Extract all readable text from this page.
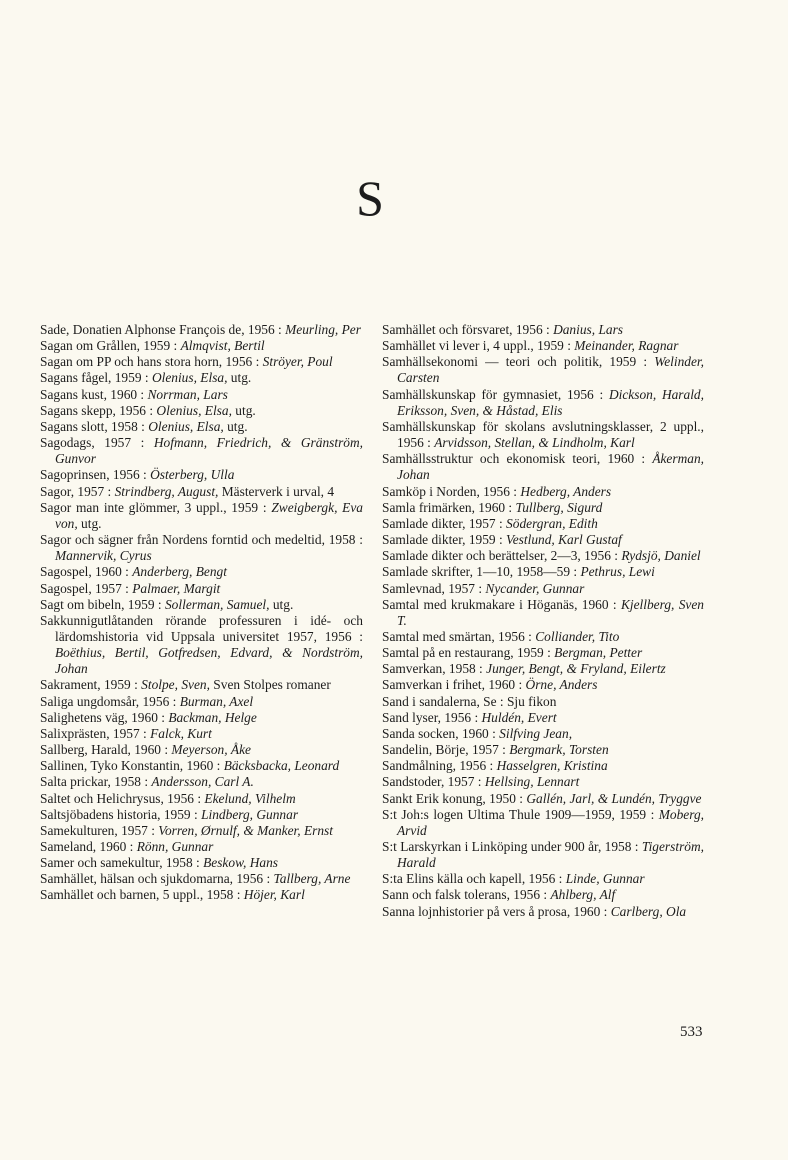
S

Sade, Donatien Alphonse François de, 1956 : Meurling, Per

Sagan om Grållen, 1959 : Almqvist, Bertil

Sagan om PP och hans stora horn, 1956 : Ströyer, Poul

Sagans fågel, 1959 : Olenius, Elsa, utg.

Sagans kust, 1960 : Norrman, Lars

Sagans skepp, 1956 : Olenius, Elsa, utg.

Sagans slott, 1958 : Olenius, Elsa, utg.

Sagodags, 1957 : Hofmann, Friedrich, & Gränström, Gunvor

Sagoprinsen, 1956 : Österberg, Ulla

Sagor, 1957 : Strindberg, August, Mästerverk i urval, 4

Sagor man inte glömmer, 3 uppl., 1959 : Zweigbergk, Eva von, utg.

Sagor och sägner från Nordens forntid och medeltid, 1958 : Mannervik, Cyrus

Sagospel, 1960 : Anderberg, Bengt

Sagospel, 1957 : Palmaer, Margit

Sagt om bibeln, 1959 : Sollerman, Samuel, utg.

Sakkunnigutlåtanden rörande professuren i idé- och lärdomshistoria vid Uppsala universitet 1957, 1956 : Boëthius, Bertil, Gotfredsen, Edvard, & Nordström, Johan

Sakrament, 1959 : Stolpe, Sven, Sven Stolpes romaner

Saliga ungdomsår, 1956 : Burman, Axel

Salighetens väg, 1960 : Backman, Helge

Salixprästen, 1957 : Falck, Kurt

Sallberg, Harald, 1960 : Meyerson, Åke

Sallinen, Tyko Konstantin, 1960 : Bäcksbacka, Leonard

Salta prickar, 1958 : Andersson, Carl A.

Saltet och Helichrysus, 1956 : Ekelund, Vilhelm

Saltsjöbadens historia, 1959 : Lindberg, Gunnar

Samekulturen, 1957 : Vorren, Ørnulf, & Manker, Ernst

Sameland, 1960 : Rönn, Gunnar

Samer och samekultur, 1958 : Beskow, Hans

Samhället, hälsan och sjukdomarna, 1956 : Tallberg, Arne

Samhället och barnen, 5 uppl., 1958 : Höjer, Karl

Samhället och försvaret, 1956 : Danius, Lars

Samhället vi lever i, 4 uppl., 1959 : Meinander, Ragnar

Samhällsekonomi — teori och politik, 1959 : Welinder, Carsten

Samhällskunskap för gymnasiet, 1956 : Dickson, Harald, Eriksson, Sven, & Håstad, Elis

Samhällskunskap för skolans avslutningsklasser, 2 uppl., 1956 : Arvidsson, Stellan, & Lindholm, Karl

Samhällsstruktur och ekonomisk teori, 1960 : Åkerman, Johan

Samköp i Norden, 1956 : Hedberg, Anders

Samla frimärken, 1960 : Tullberg, Sigurd

Samlade dikter, 1957 : Södergran, Edith

Samlade dikter, 1959 : Vestlund, Karl Gustaf

Samlade dikter och berättelser, 2—3, 1956 : Rydsjö, Daniel

Samlade skrifter, 1—10, 1958—59 : Pethrus, Lewi

Samlevnad, 1957 : Nycander, Gunnar

Samtal med krukmakare i Höganäs, 1960 : Kjellberg, Sven T.

Samtal med smärtan, 1956 : Colliander, Tito

Samtal på en restaurang, 1959 : Bergman, Petter

Samverkan, 1958 : Junger, Bengt, & Fryland, Eilertz

Samverkan i frihet, 1960 : Örne, Anders

Sand i sandalerna, Se : Sju fikon

Sand lyser, 1956 : Huldén, Evert

Sanda socken, 1960 : Silfving Jean,

Sandelin, Börje, 1957 : Bergmark, Torsten

Sandmålning, 1956 : Hasselgren, Kristina

Sandstoder, 1957 : Hellsing, Lennart

Sankt Erik konung, 1950 : Gallén, Jarl, & Lundén, Tryggve

S:t Joh:s logen Ultima Thule 1909—1959, 1959 : Moberg, Arvid

S:t Larskyrkan i Linköping under 900 år, 1958 : Tigerström, Harald

S:ta Elins källa och kapell, 1956 : Linde, Gunnar

Sann och falsk tolerans, 1956 : Ahlberg, Alf

Sanna lojnhistorier på vers å prosa, 1960 : Carlberg, Ola

533
